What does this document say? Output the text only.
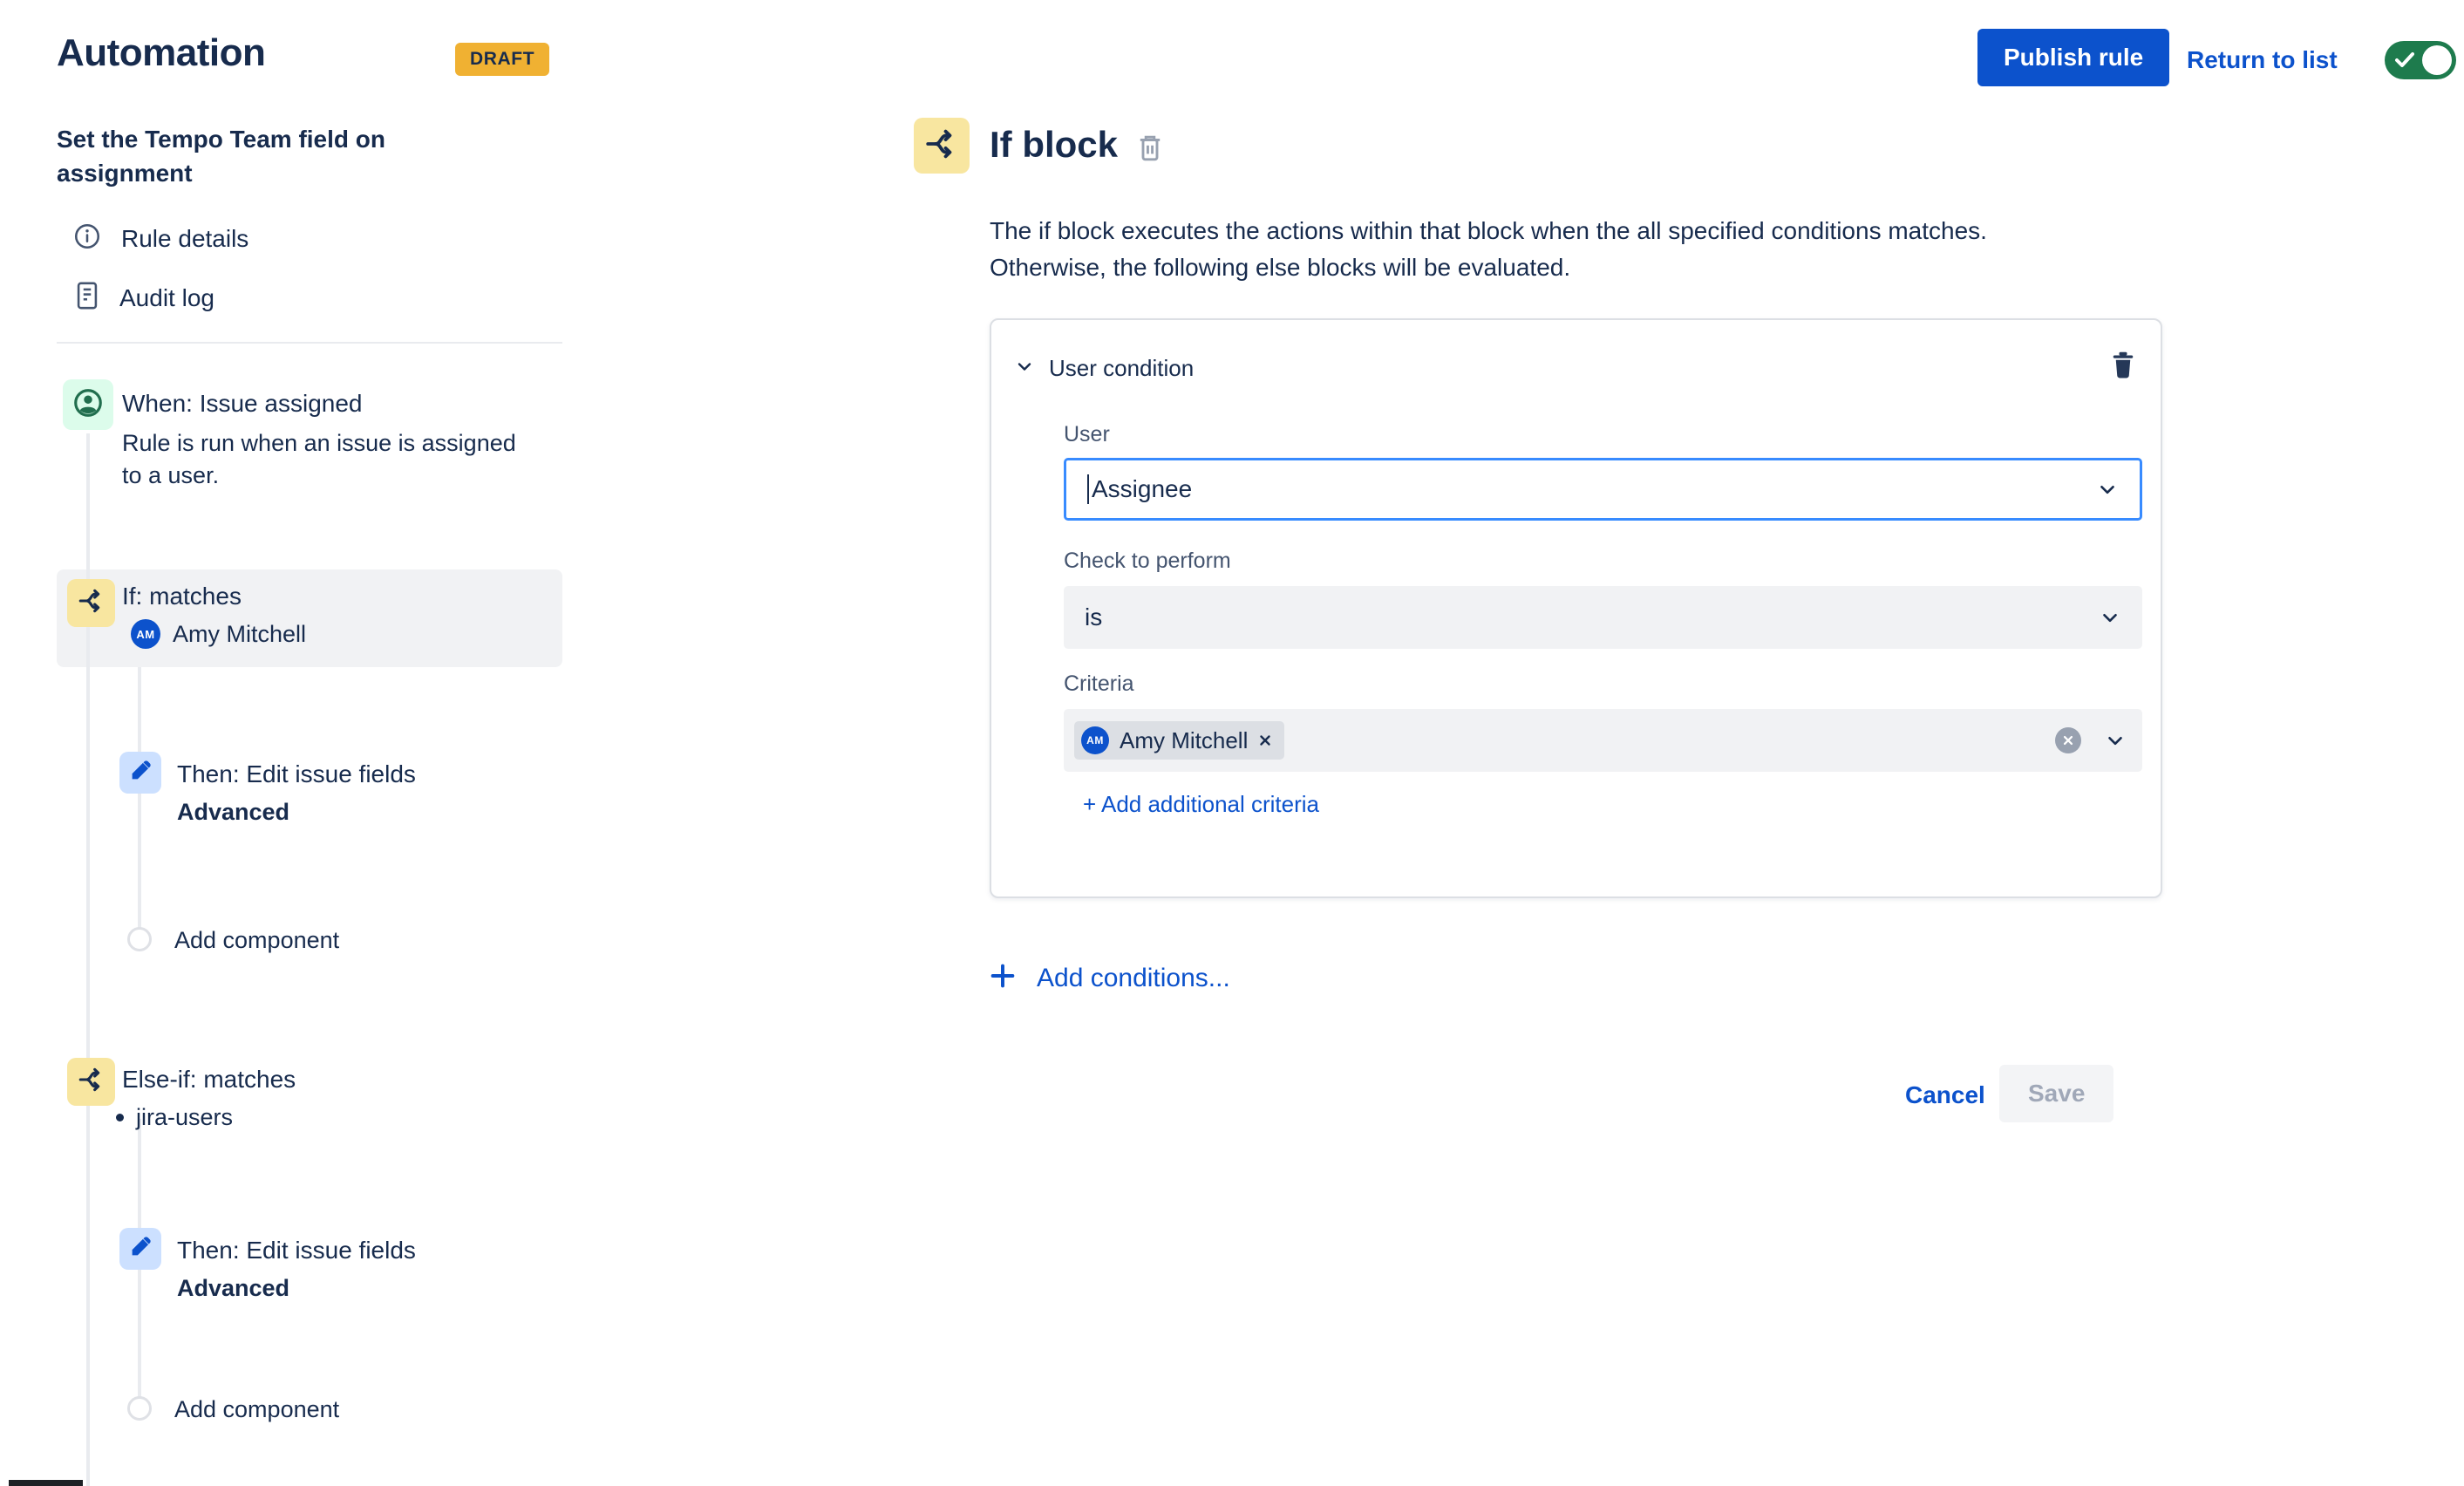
Automation	DRAFT	Publish rule	Return to list
Set the Tempo Team field on assignment
Rule details
Audit log
When: Issue assigned
Rule is run when an issue is assigned to a user.
If: matches
AM Amy Mitchell
Then: Edit issue fields
Advanced
Add component
Else-if: matches
jira-users
Then: Edit issue fields
Advanced
Add component
If block
The if block executes the actions within that block when the all specified conditions matches. Otherwise, the following else blocks will be evaluated.
User condition
User
Assignee
Check to perform
is
Criteria
AM Amy Mitchell
+ Add additional criteria
Add conditions...
Cancel	Save
